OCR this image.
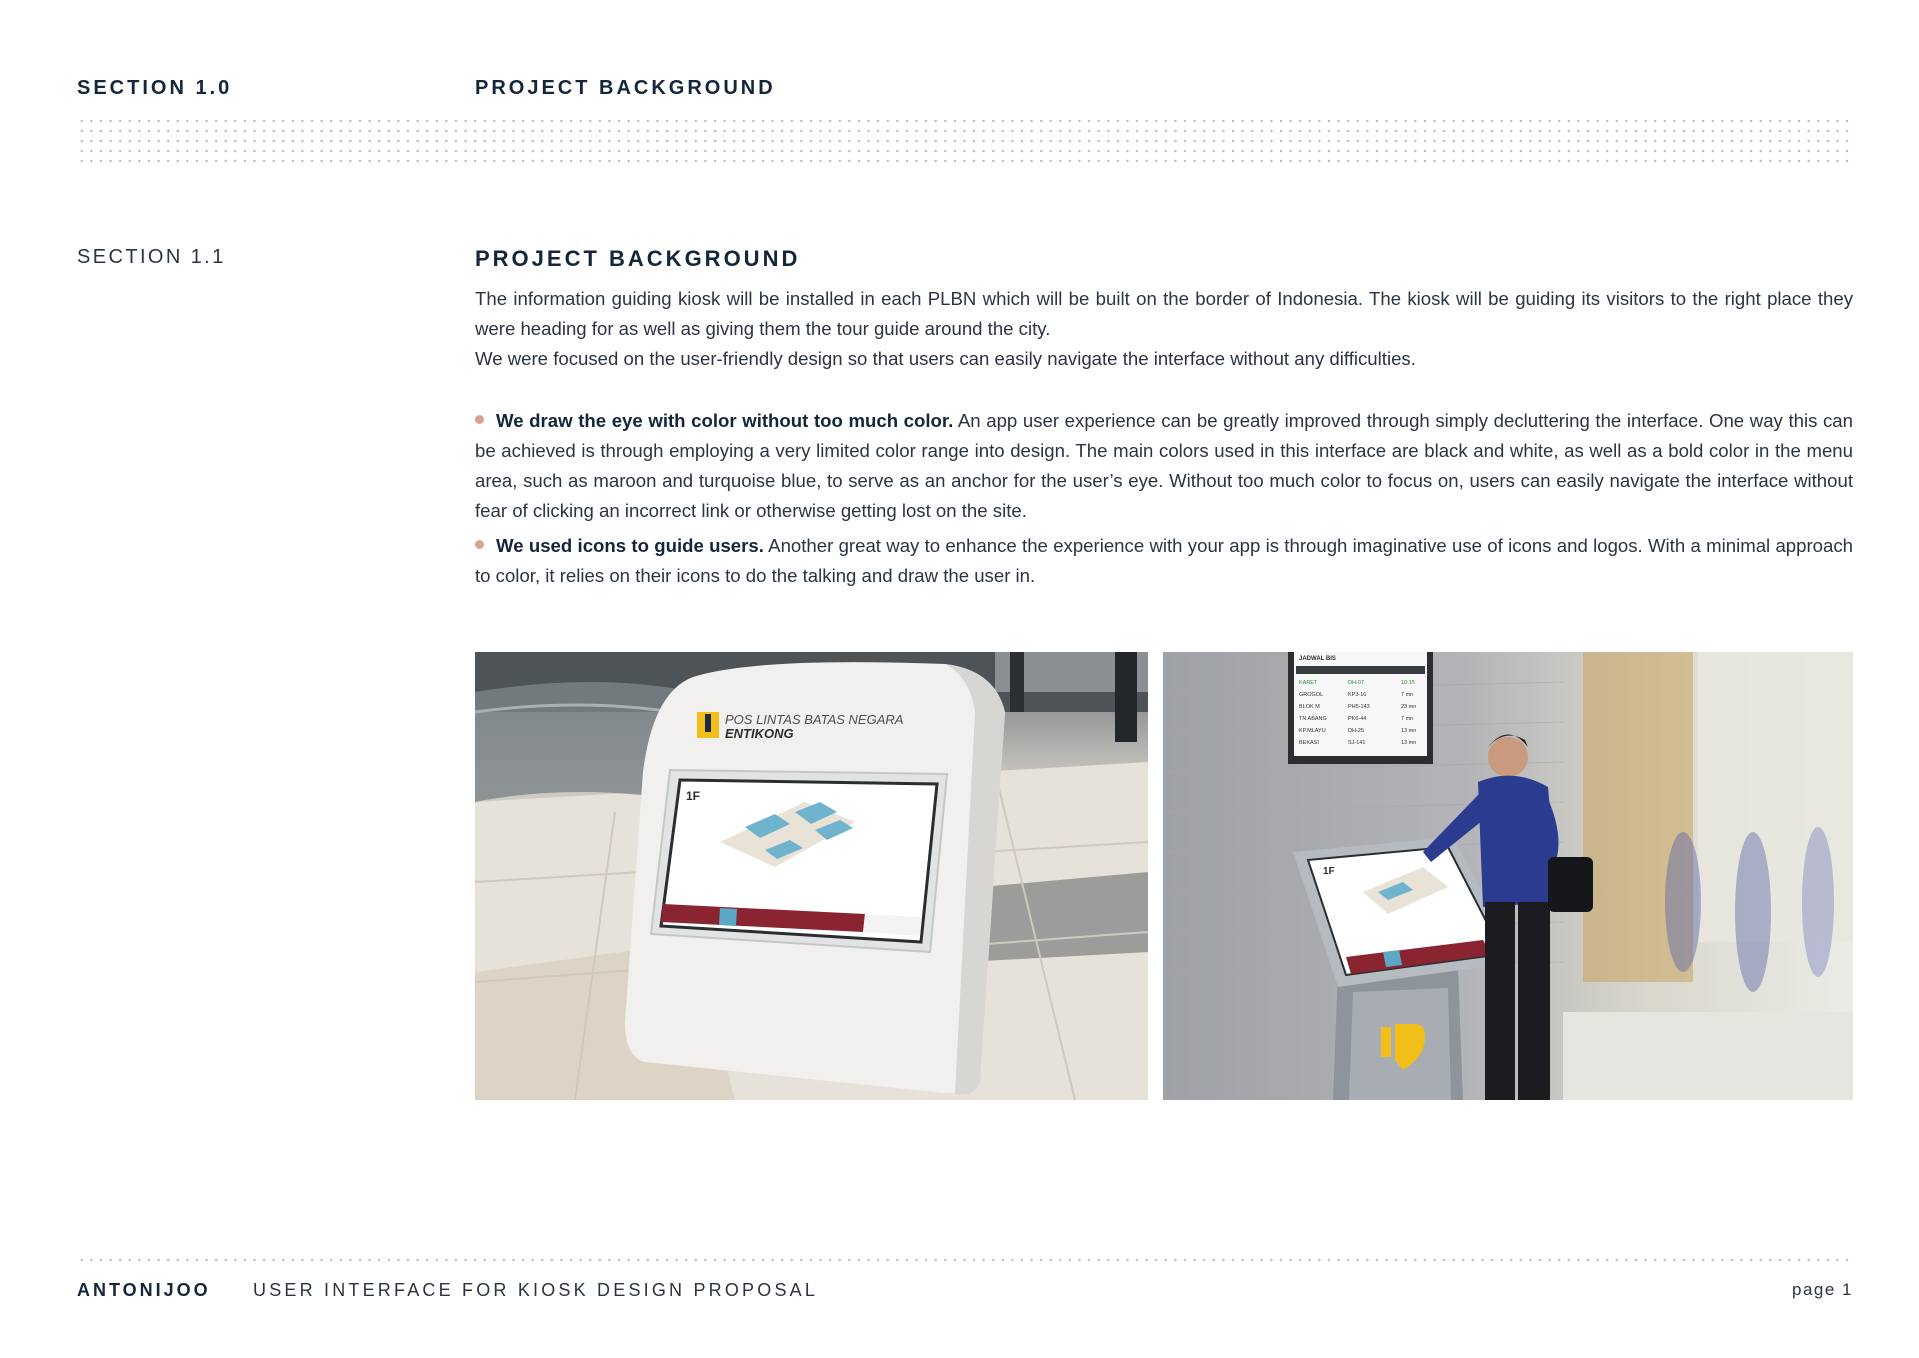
SECTION 1.0	PROJECT BACKGROUND
SECTION 1.1	PROJECT BACKGROUND

The information guiding kiosk will be installed in each PLBN which will be built on the border of Indonesia. The kiosk will be guiding its visitors to the right place they were heading for as well as giving them the tour guide around the city.
We were focused on the user-friendly design so that users can easily navigate the interface without any difficulties.

We draw the eye with color without too much color. An app user experience can be greatly improved through simply decluttering the interface. One way this can be achieved is through employing a very limited color range into design. The main colors used in this interface are black and white, as well as a bold color in the menu area, such as maroon and turquoise blue, to serve as an anchor for the user’s eye. Without too much color to focus on, users can easily navigate the interface without fear of clicking an incorrect link or otherwise getting lost on the site.

We used icons to guide users. Another great way to enhance the experience with your app is through imaginative use of icons and logos. With a minimal approach to color, it relies on their icons to do the talking and draw the user in.

POS LINTAS BATAS NEGARA
ENTIKONG
1F
JADWAL BIS
KARET	DH-07	10:15
GROGOL	KP3-16	7 mn
BLOK M	PH5-143	23 mn
TN ABANG	PK6-44	7 mn
KP.MLAYU	DH-25	13 mn
BEKASI	SJ-141	13 mn
1F
ANTONIJOO USER INTERFACE FOR KIOSK DESIGN PROPOSAL	page 1
